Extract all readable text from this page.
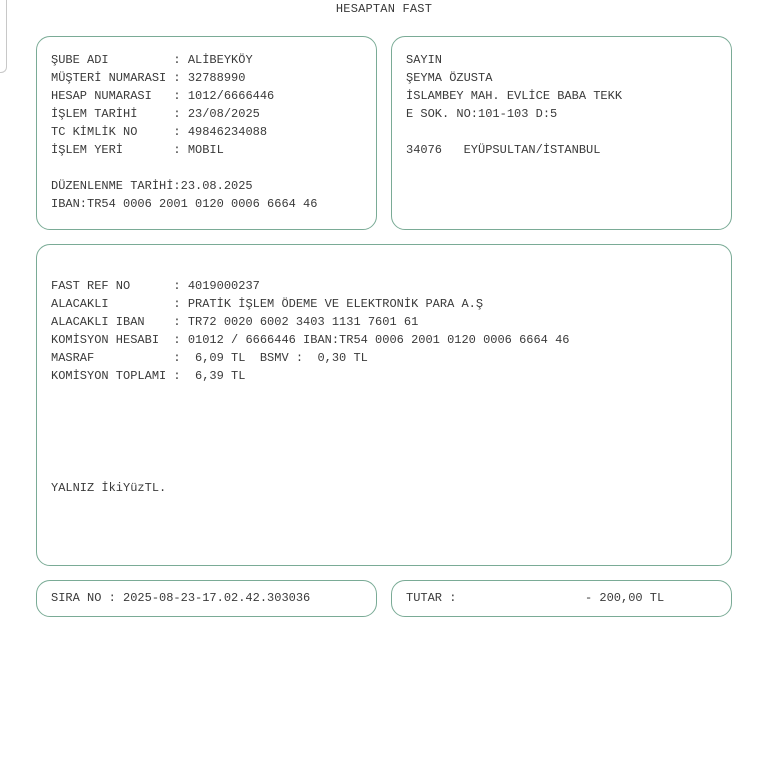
HESAPTAN FAST
ŞUBE ADI         : ALİBEYKÖY
MÜŞTERİ NUMARASI : 32788990
HESAP NUMARASI   : 1012/6666446
İŞLEM TARİHİ     : 23/08/2025
TC KİMLİK NO     : 49846234088
İŞLEM YERİ       : MOBIL
DÜZENLENME TARİHİ:23.08.2025
IBAN:TR54 0006 2001 0120 0006 6664 46
SAYIN
ŞEYMA ÖZUSTA
İSLAMBEY MAH. EVLİCE BABA TEKK
E SOK. NO:101-103 D:5
34076   EYÜPSULTAN/İSTANBUL
FAST REF NO      : 4019000237
ALACAKLI         : PRATİK İŞLEM ÖDEME VE ELEKTRONİK PARA A.Ş
ALACAKLI IBAN    : TR72 0020 6002 3403 1131 7601 61
KOMİSYON HESABI  : 01012 / 6666446 IBAN:TR54 0006 2001 0120 0006 6664 46
MASRAF           :  6,09 TL  BSMV :  0,30 TL
KOMİSYON TOPLAMI :  6,39 TL
YALNIZ İkiYüzTL.
SIRA NO : 2025-08-23-17.02.42.303036	TUTAR :	- 200,00 TL
